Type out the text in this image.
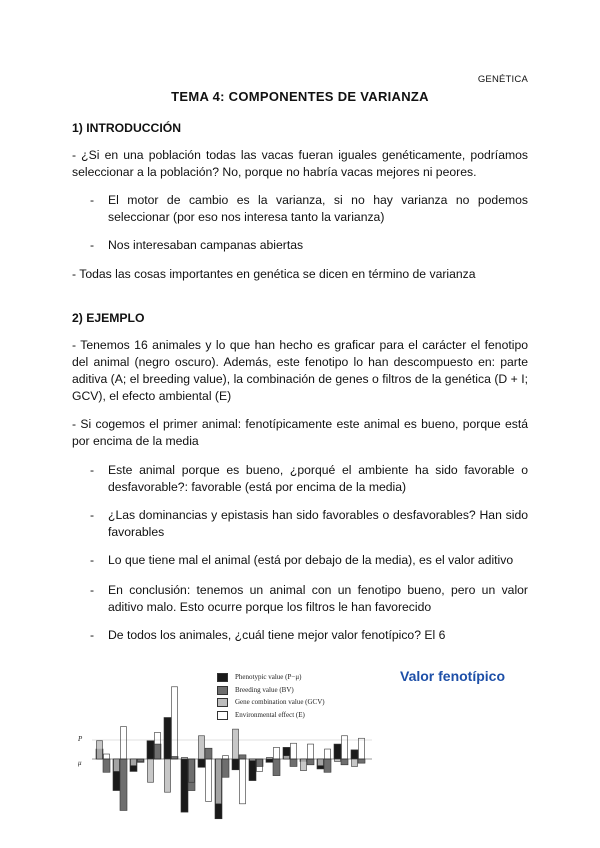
GENÉTICA
TEMA 4: COMPONENTES DE VARIANZA
1) INTRODUCCIÓN
- ¿Si en una población todas las vacas fueran iguales genéticamente, podríamos seleccionar a la población? No, porque no habría vacas mejores ni peores.
- El motor de cambio es la varianza, si no hay varianza no podemos seleccionar (por eso nos interesa tanto la varianza)
- Nos interesaban campanas abiertas
- Todas las cosas importantes en genética se dicen en término de varianza
2) EJEMPLO
- Tenemos 16 animales y lo que han hecho es graficar para el carácter el fenotipo del animal (negro oscuro). Además, este fenotipo lo han descompuesto en: parte aditiva (A; el breeding value), la combinación de genes o filtros de la genética (D + I; GCV), el efecto ambiental (E)
- Si cogemos el primer animal: fenotípicamente este animal es bueno, porque está por encima de la media
- Este animal porque es bueno, ¿porqué el ambiente ha sido favorable o desfavorable?: favorable (está por encima de la media)
- ¿Las dominancias y epistasis han sido favorables o desfavorables? Han sido favorables
- Lo que tiene mal el animal (está por debajo de la media), es el valor aditivo
- En conclusión: tenemos un animal con un fenotipo bueno, pero un valor aditivo malo. Esto ocurre porque los filtros le han favorecido
- De todos los animales, ¿cuál tiene mejor valor fenotípico? El 6
P
μ
Phenotypic value (P−μ)
Breeding value (BV)
Gene combination value (GCV)
Environmental effect (E)
Valor fenotípico
